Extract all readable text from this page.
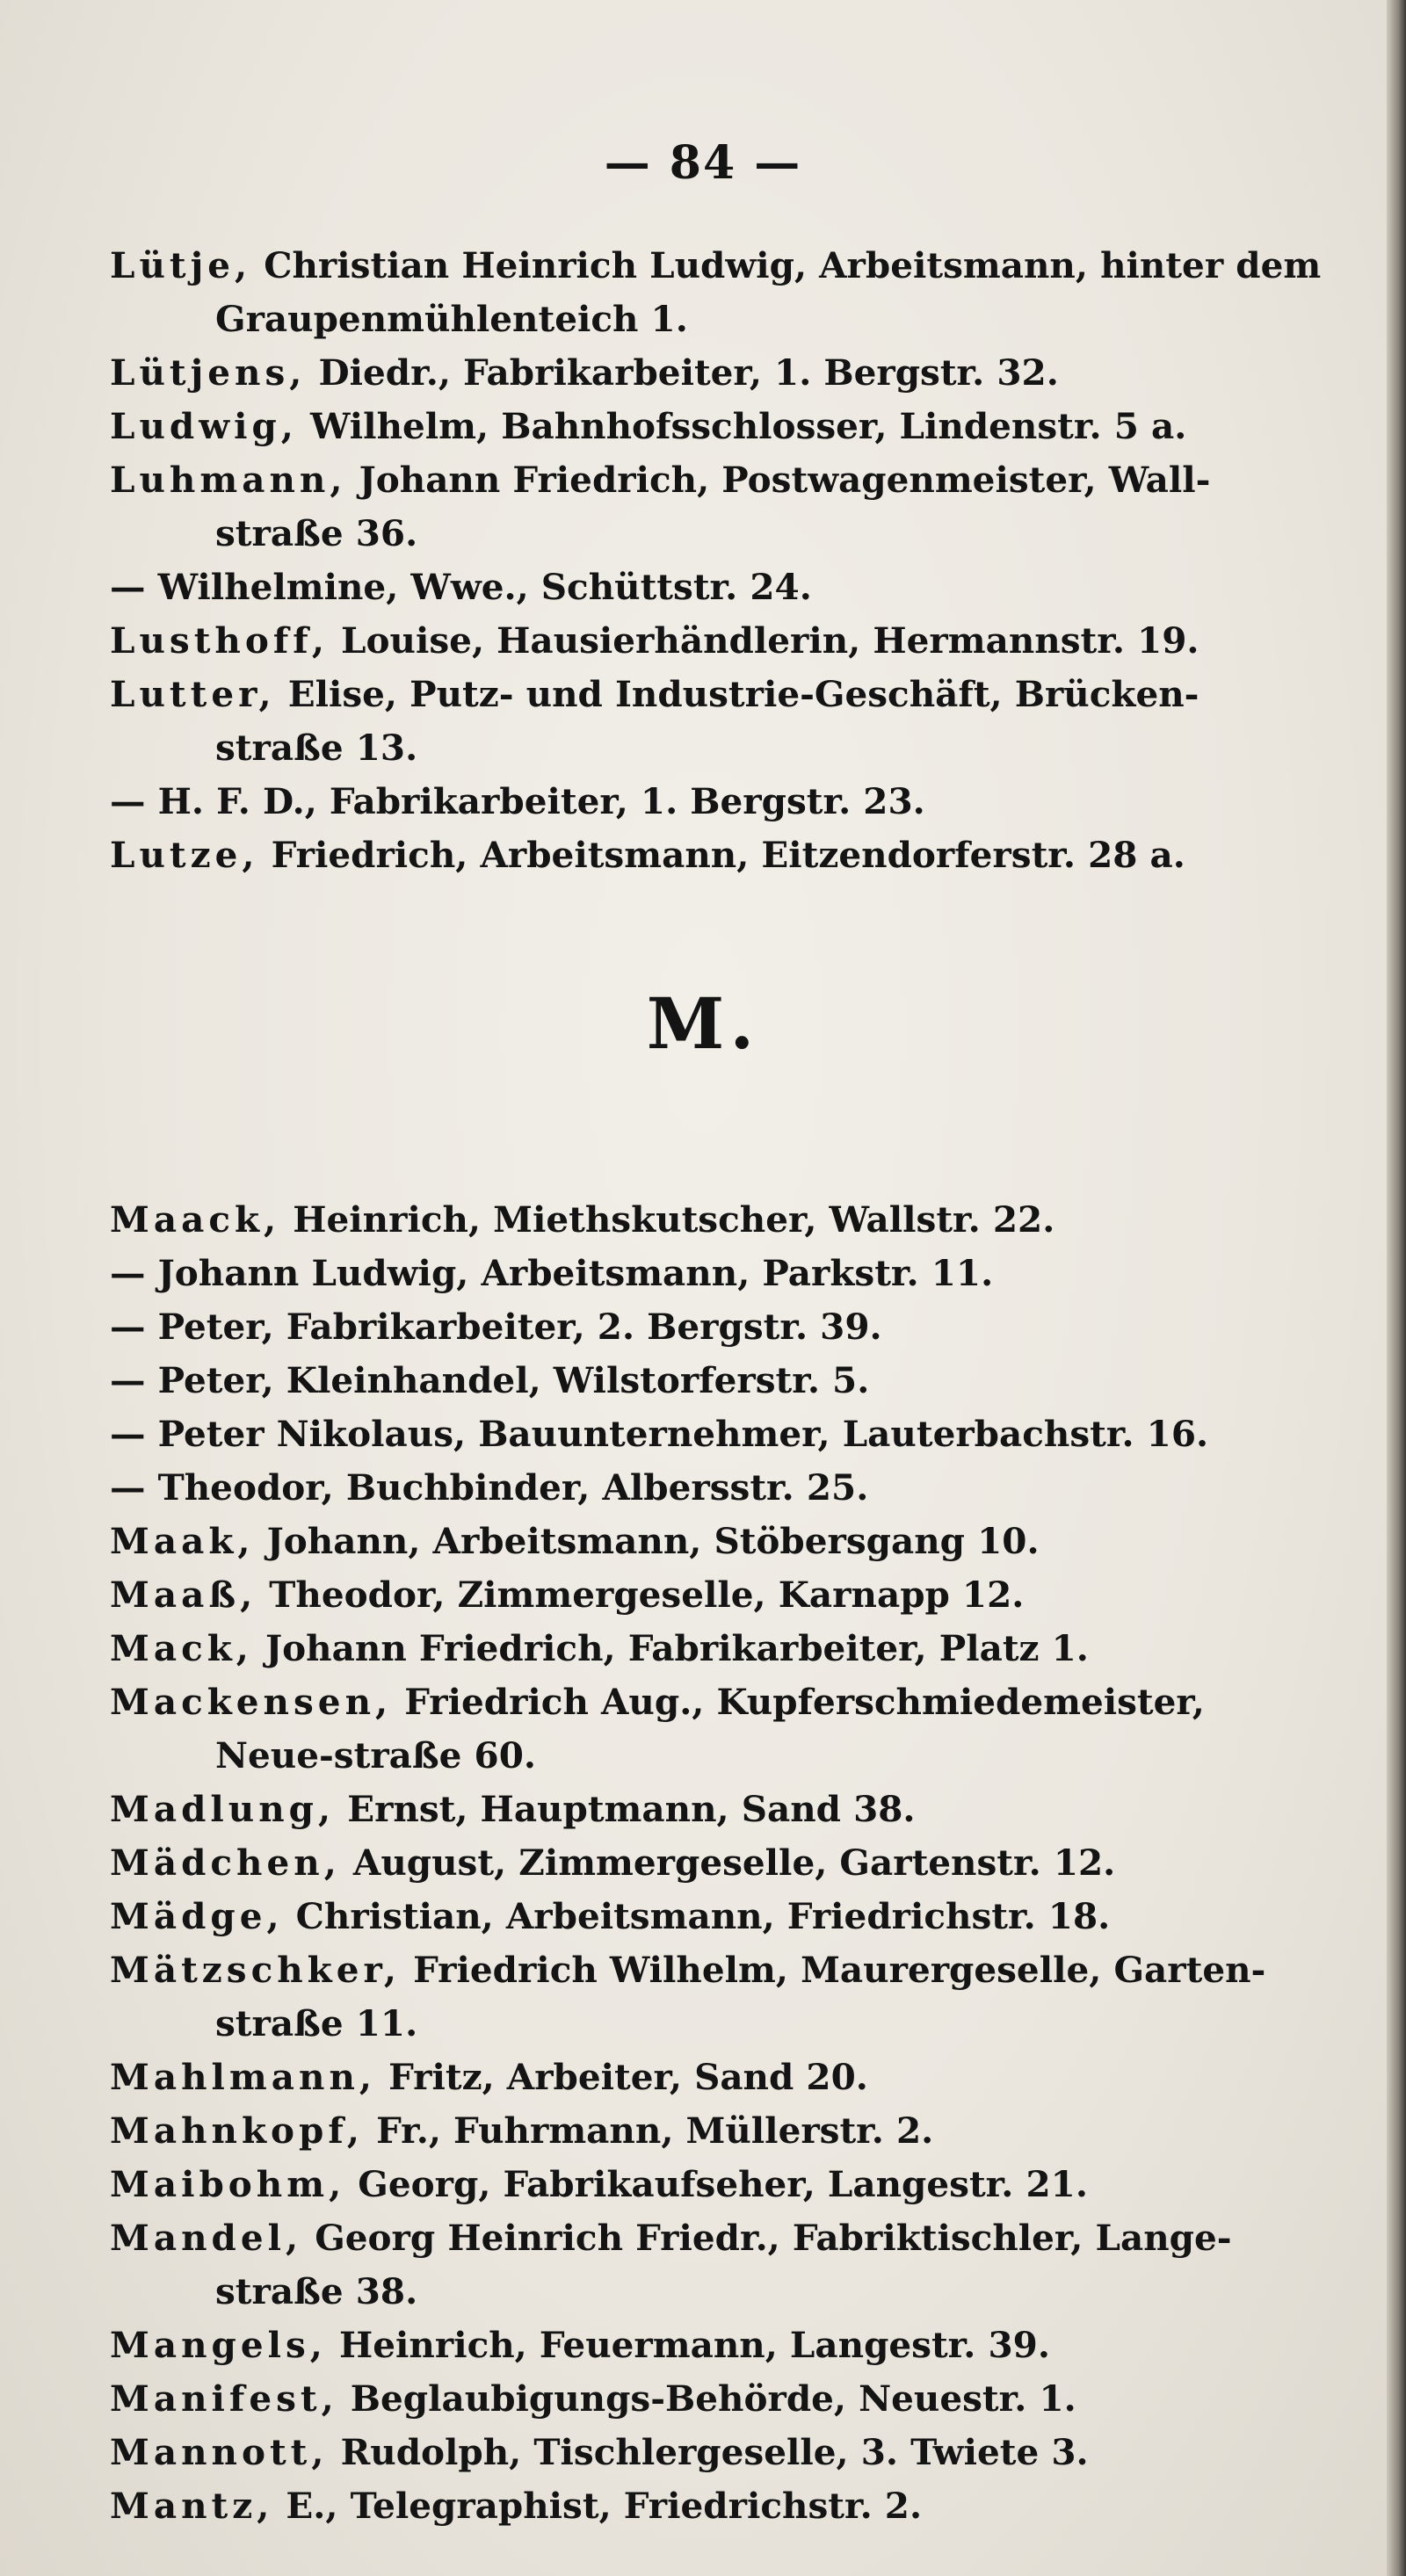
— 84 —

Lütje, Christian Heinrich Ludwig, Arbeitsmann, hinter dem Graupenmühlenteich 1.

Lütjens, Diedr., Fabrikarbeiter, 1. Bergstr. 32.

Ludwig, Wilhelm, Bahnhofsschlosser, Lindenstr. 5 a.

Luhmann, Johann Friedrich, Postwagenmeister, Wall-straße 36.

— Wilhelmine, Wwe., Schüttstr. 24.

Lusthoff, Louise, Hausierhändlerin, Hermannstr. 19.

Lutter, Elise, Putz- und Industrie-Geschäft, Brücken-straße 13.

— H. F. D., Fabrikarbeiter, 1. Bergstr. 23.

Lutze, Friedrich, Arbeitsmann, Eitzendorferstr. 28 a.

M.

Maack, Heinrich, Miethskutscher, Wallstr. 22.

— Johann Ludwig, Arbeitsmann, Parkstr. 11.

— Peter, Fabrikarbeiter, 2. Bergstr. 39.

— Peter, Kleinhandel, Wilstorferstr. 5.

— Peter Nikolaus, Bauunternehmer, Lauterbachstr. 16.

— Theodor, Buchbinder, Albersstr. 25.

Maak, Johann, Arbeitsmann, Stöbersgang 10.

Maaß, Theodor, Zimmergeselle, Karnapp 12.

Mack, Johann Friedrich, Fabrikarbeiter, Platz 1.

Mackensen, Friedrich Aug., Kupferschmiedemeister, Neue-straße 60.

Madlung, Ernst, Hauptmann, Sand 38.

Mädchen, August, Zimmergeselle, Gartenstr. 12.

Mädge, Christian, Arbeitsmann, Friedrichstr. 18.

Mätzschker, Friedrich Wilhelm, Maurergeselle, Garten-straße 11.

Mahlmann, Fritz, Arbeiter, Sand 20.

Mahnkopf, Fr., Fuhrmann, Müllerstr. 2.

Maibohm, Georg, Fabrikaufseher, Langestr. 21.

Mandel, Georg Heinrich Friedr., Fabriktischler, Lange-straße 38.

Mangels, Heinrich, Feuermann, Langestr. 39.

Manifest, Beglaubigungs-Behörde, Neuestr. 1.

Mannott, Rudolph, Tischlergeselle, 3. Twiete 3.

Mantz, E., Telegraphist, Friedrichstr. 2.
